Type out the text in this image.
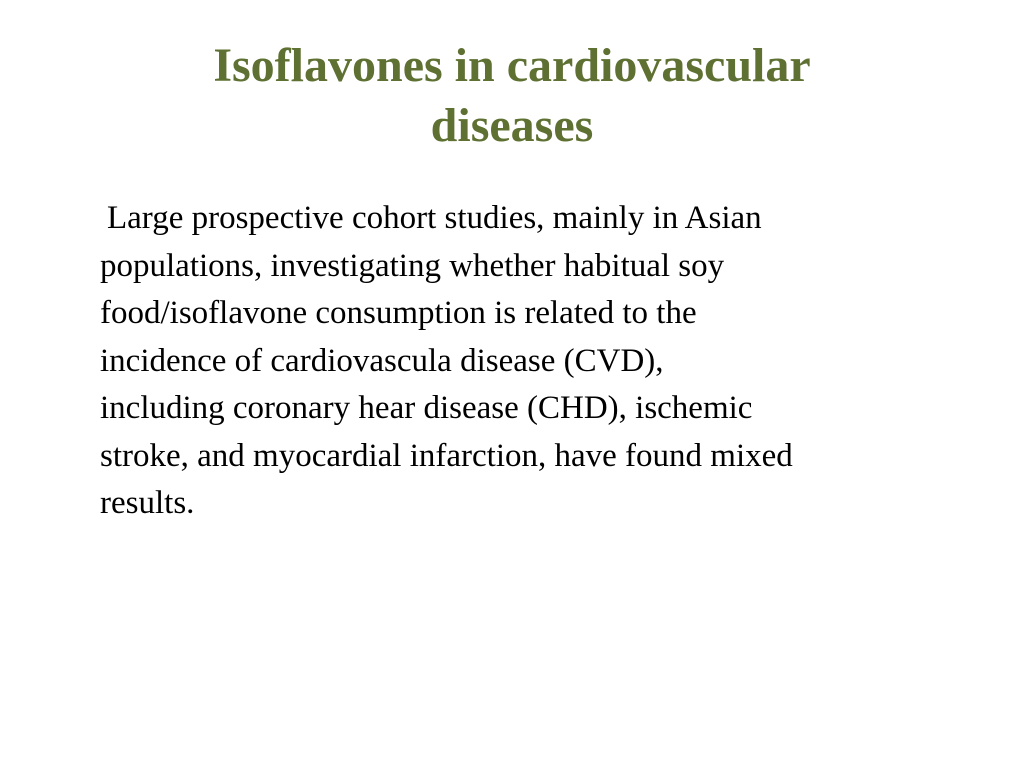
Isoflavones in cardiovascular
diseases
Large prospective cohort studies, mainly in Asian
populations, investigating whether habitual soy
food/isoflavone consumption is related to the
incidence of cardiovascula disease (CVD),
including coronary hear disease (CHD), ischemic
stroke, and myocardial infarction, have found mixed
results.
